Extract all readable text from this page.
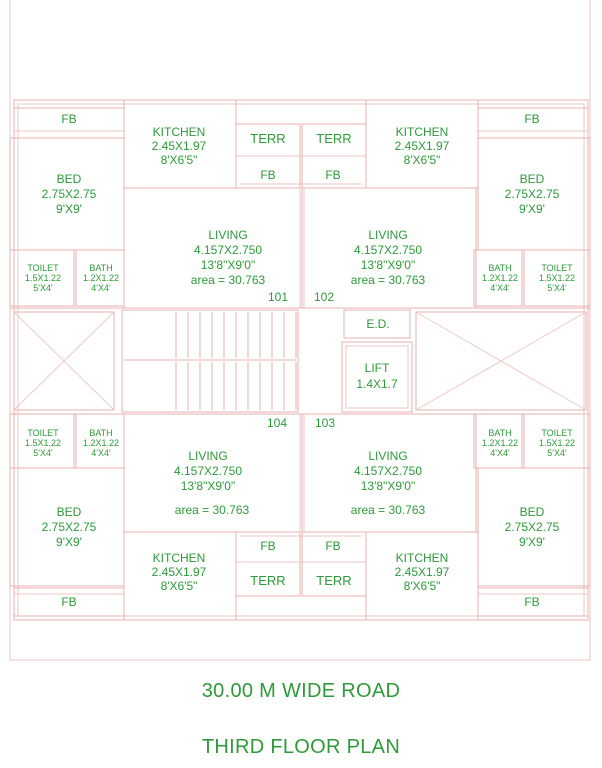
FB
KITCHEN
2.45X1.97
8'X6'5"
TERR TERR	KITCHEN
2.45X1.97
8'X6'5"
FB
FB	FB
BED
2.75X2.75
9'X9'
BED
2.75X2.75
9'X9'
LIVING
4.157X2.750
13'8"X9'0"
area = 30.763
LIVING
4.157X2.750
13'8"X9'0"
area = 30.763
TOILET
1.5X1.22
5'X4'
BATH
1.2X1.22
4'X4'
BATH
1.2X1.22
4'X4'
TOILET
1.5X1.22
5'X4'
101 102
E.D.
LIFT
1.4X1.7
104 103
TOILET
1.5X1.22
5'X4'
BATH
1.2X1.22
4'X4'
BATH
1.2X1.22
4'X4'
TOILET
1.5X1.22
5'X4'
LIVING
4.157X2.750
13'8"X9'0"
area = 30.763
LIVING
4.157X2.750
13'8"X9'0"
area = 30.763
BED
2.75X2.75
9'X9'
BED
2.75X2.75
9'X9'
FB	FB
KITCHEN
2.45X1.97
8'X6'5"
KITCHEN
2.45X1.97
8'X6'5"
TERR TERR
FB	FB
30.00 M WIDE ROAD
THIRD FLOOR PLAN
